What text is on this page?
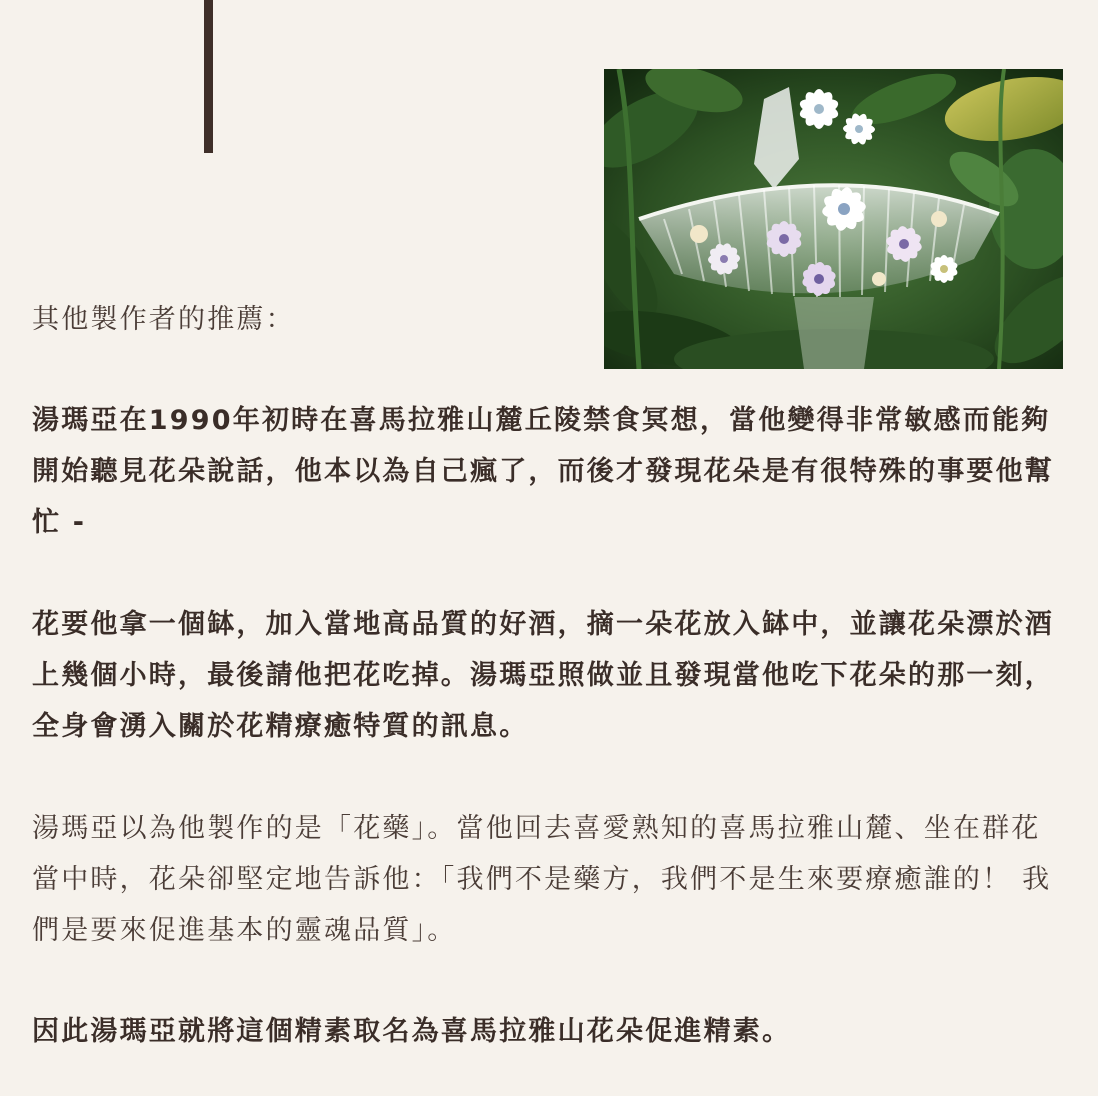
其他製作者的推薦：

湯瑪亞在1990年初時在喜馬拉雅山麓丘陵禁食冥想，當他變得非常敏感而能夠開始聽見花朵說話，他本以為自己瘋了，而後才發現花朵是有很特殊的事要他幫忙 -

花要他拿一個缽，加入當地高品質的好酒，摘一朵花放入缽中，並讓花朵漂於酒上幾個小時，最後請他把花吃掉。湯瑪亞照做並且發現當他吃下花朵的那一刻，全身會湧入關於花精療癒特質的訊息。

湯瑪亞以為他製作的是「花藥」。當他回去喜愛熟知的喜馬拉雅山麓、坐在群花當中時，花朵卻堅定地告訴他：「我們不是藥方，我們不是生來要療癒誰的！ 我們是要來促進基本的靈魂品質」。

因此湯瑪亞就將這個精素取名為喜馬拉雅山花朵促進精素。
